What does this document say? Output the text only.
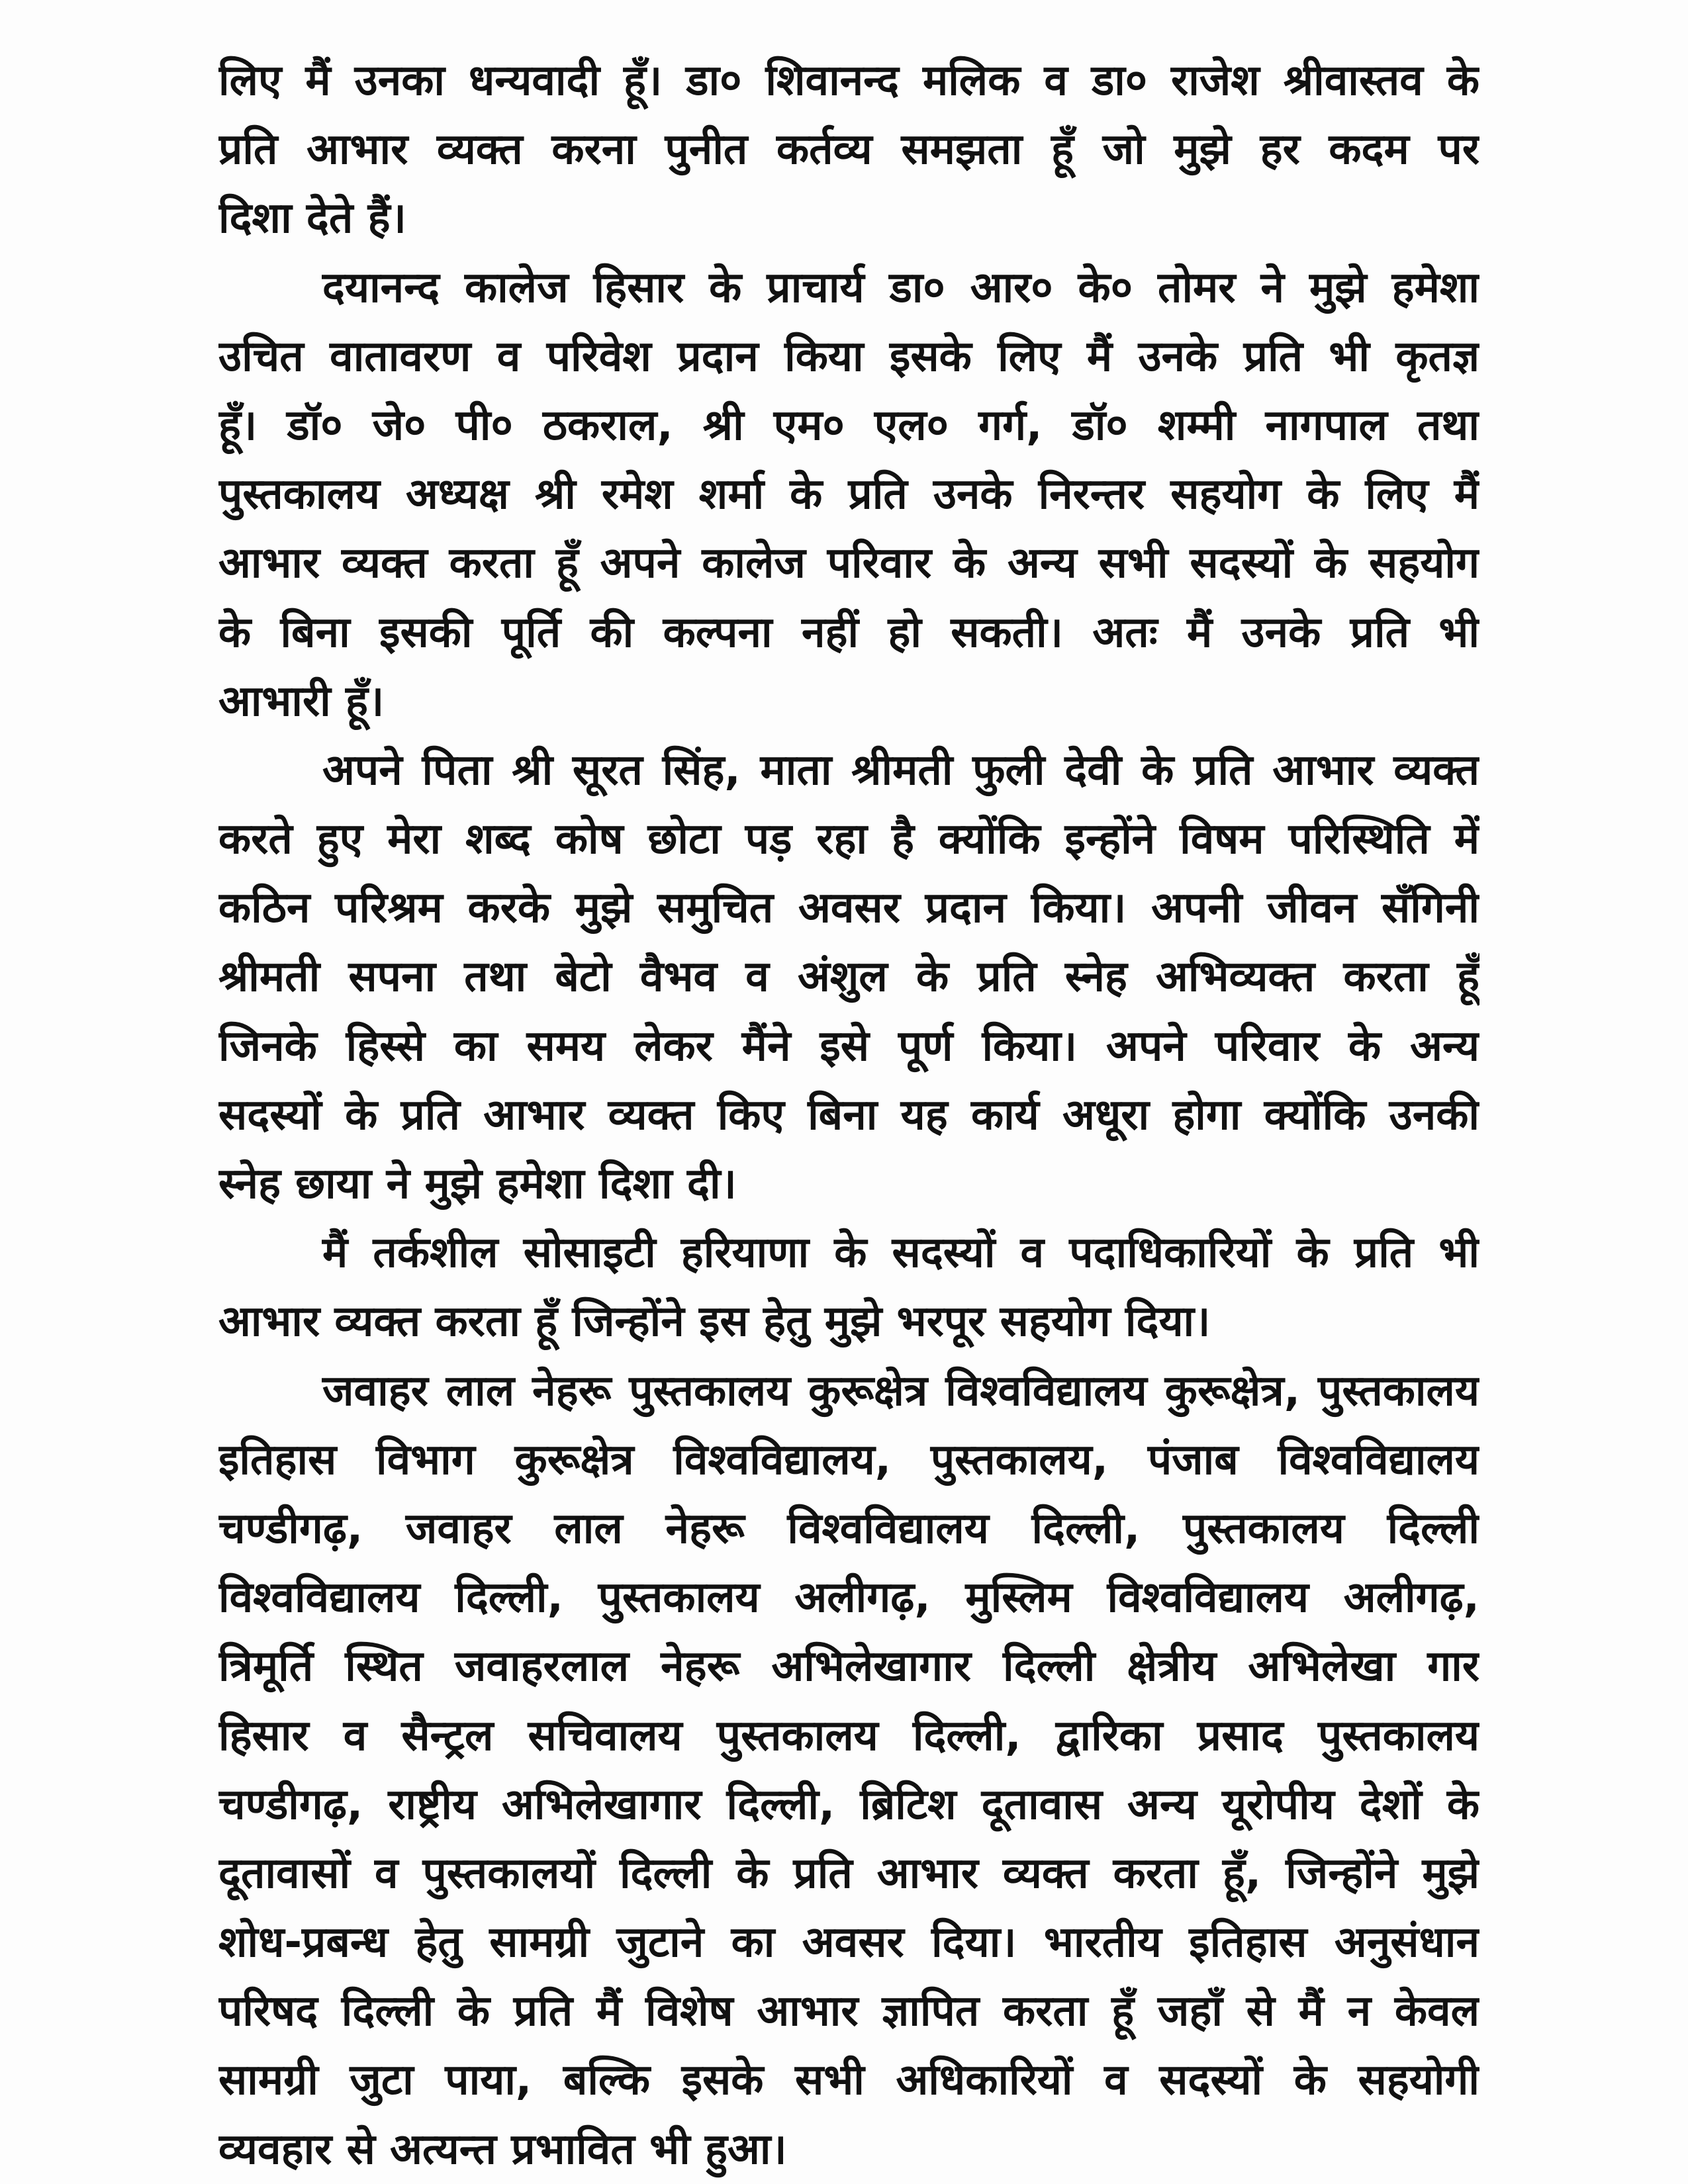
लिए मैं उनका धन्यवादी हूँ। डा० शिवानन्द मलिक व डा० राजेश श्रीवास्तव के
प्रति आभार व्यक्त करना पुनीत कर्तव्य समझता हूँ जो मुझे हर कदम पर
दिशा देते हैं।
दयानन्द कालेज हिसार के प्राचार्य डा० आर० के० तोमर ने मुझे हमेशा
उचित वातावरण व परिवेश प्रदान किया इसके लिए मैं उनके प्रति भी कृतज्ञ
हूँ। डॉ० जे० पी० ठकराल, श्री एम० एल० गर्ग, डॉ० शम्मी नागपाल तथा
पुस्तकालय अध्यक्ष श्री रमेश शर्मा के प्रति उनके निरन्तर सहयोग के लिए मैं
आभार व्यक्त करता हूँ अपने कालेज परिवार के अन्य सभी सदस्यों के सहयोग
के बिना इसकी पूर्ति की कल्पना नहीं हो सकती। अतः मैं उनके प्रति भी
आभारी हूँ।
अपने पिता श्री सूरत सिंह, माता श्रीमती फुली देवी के प्रति आभार व्यक्त
करते हुए मेरा शब्द कोष छोटा पड़ रहा है क्योंकि इन्होंने विषम परिस्थिति में
कठिन परिश्रम करके मुझे समुचित अवसर प्रदान किया। अपनी जीवन सँगिनी
श्रीमती सपना तथा बेटो वैभव व अंशुल के प्रति स्नेह अभिव्यक्त करता हूँ
जिनके हिस्से का समय लेकर मैंने इसे पूर्ण किया। अपने परिवार के अन्य
सदस्यों के प्रति आभार व्यक्त किए बिना यह कार्य अधूरा होगा क्योंकि उनकी
स्नेह छाया ने मुझे हमेशा दिशा दी।
मैं तर्कशील सोसाइटी हरियाणा के सदस्यों व पदाधिकारियों के प्रति भी
आभार व्यक्त करता हूँ जिन्होंने इस हेतु मुझे भरपूर सहयोग दिया।
जवाहर लाल नेहरू पुस्तकालय कुरूक्षेत्र विश्वविद्यालय कुरूक्षेत्र, पुस्तकालय
इतिहास विभाग कुरूक्षेत्र विश्वविद्यालय, पुस्तकालय, पंजाब विश्वविद्यालय
चण्डीगढ़, जवाहर लाल नेहरू विश्वविद्यालय दिल्ली, पुस्तकालय दिल्ली
विश्वविद्यालय दिल्ली, पुस्तकालय अलीगढ़, मुस्लिम विश्वविद्यालय अलीगढ़,
त्रिमूर्ति स्थित जवाहरलाल नेहरू अभिलेखागार दिल्ली क्षेत्रीय अभिलेखा गार
हिसार व सैन्ट्रल सचिवालय पुस्तकालय दिल्ली, द्वारिका प्रसाद पुस्तकालय
चण्डीगढ़, राष्ट्रीय अभिलेखागार दिल्ली, ब्रिटिश दूतावास अन्य यूरोपीय देशों के
दूतावासों व पुस्तकालयों दिल्ली के प्रति आभार व्यक्त करता हूँ, जिन्होंने मुझे
शोध-प्रबन्ध हेतु सामग्री जुटाने का अवसर दिया। भारतीय इतिहास अनुसंधान
परिषद दिल्ली के प्रति मैं विशेष आभार ज्ञापित करता हूँ जहाँ से मैं न केवल
सामग्री जुटा पाया, बल्कि इसके सभी अधिकारियों व सदस्यों के सहयोगी
व्यवहार से अत्यन्त प्रभावित भी हुआ।
